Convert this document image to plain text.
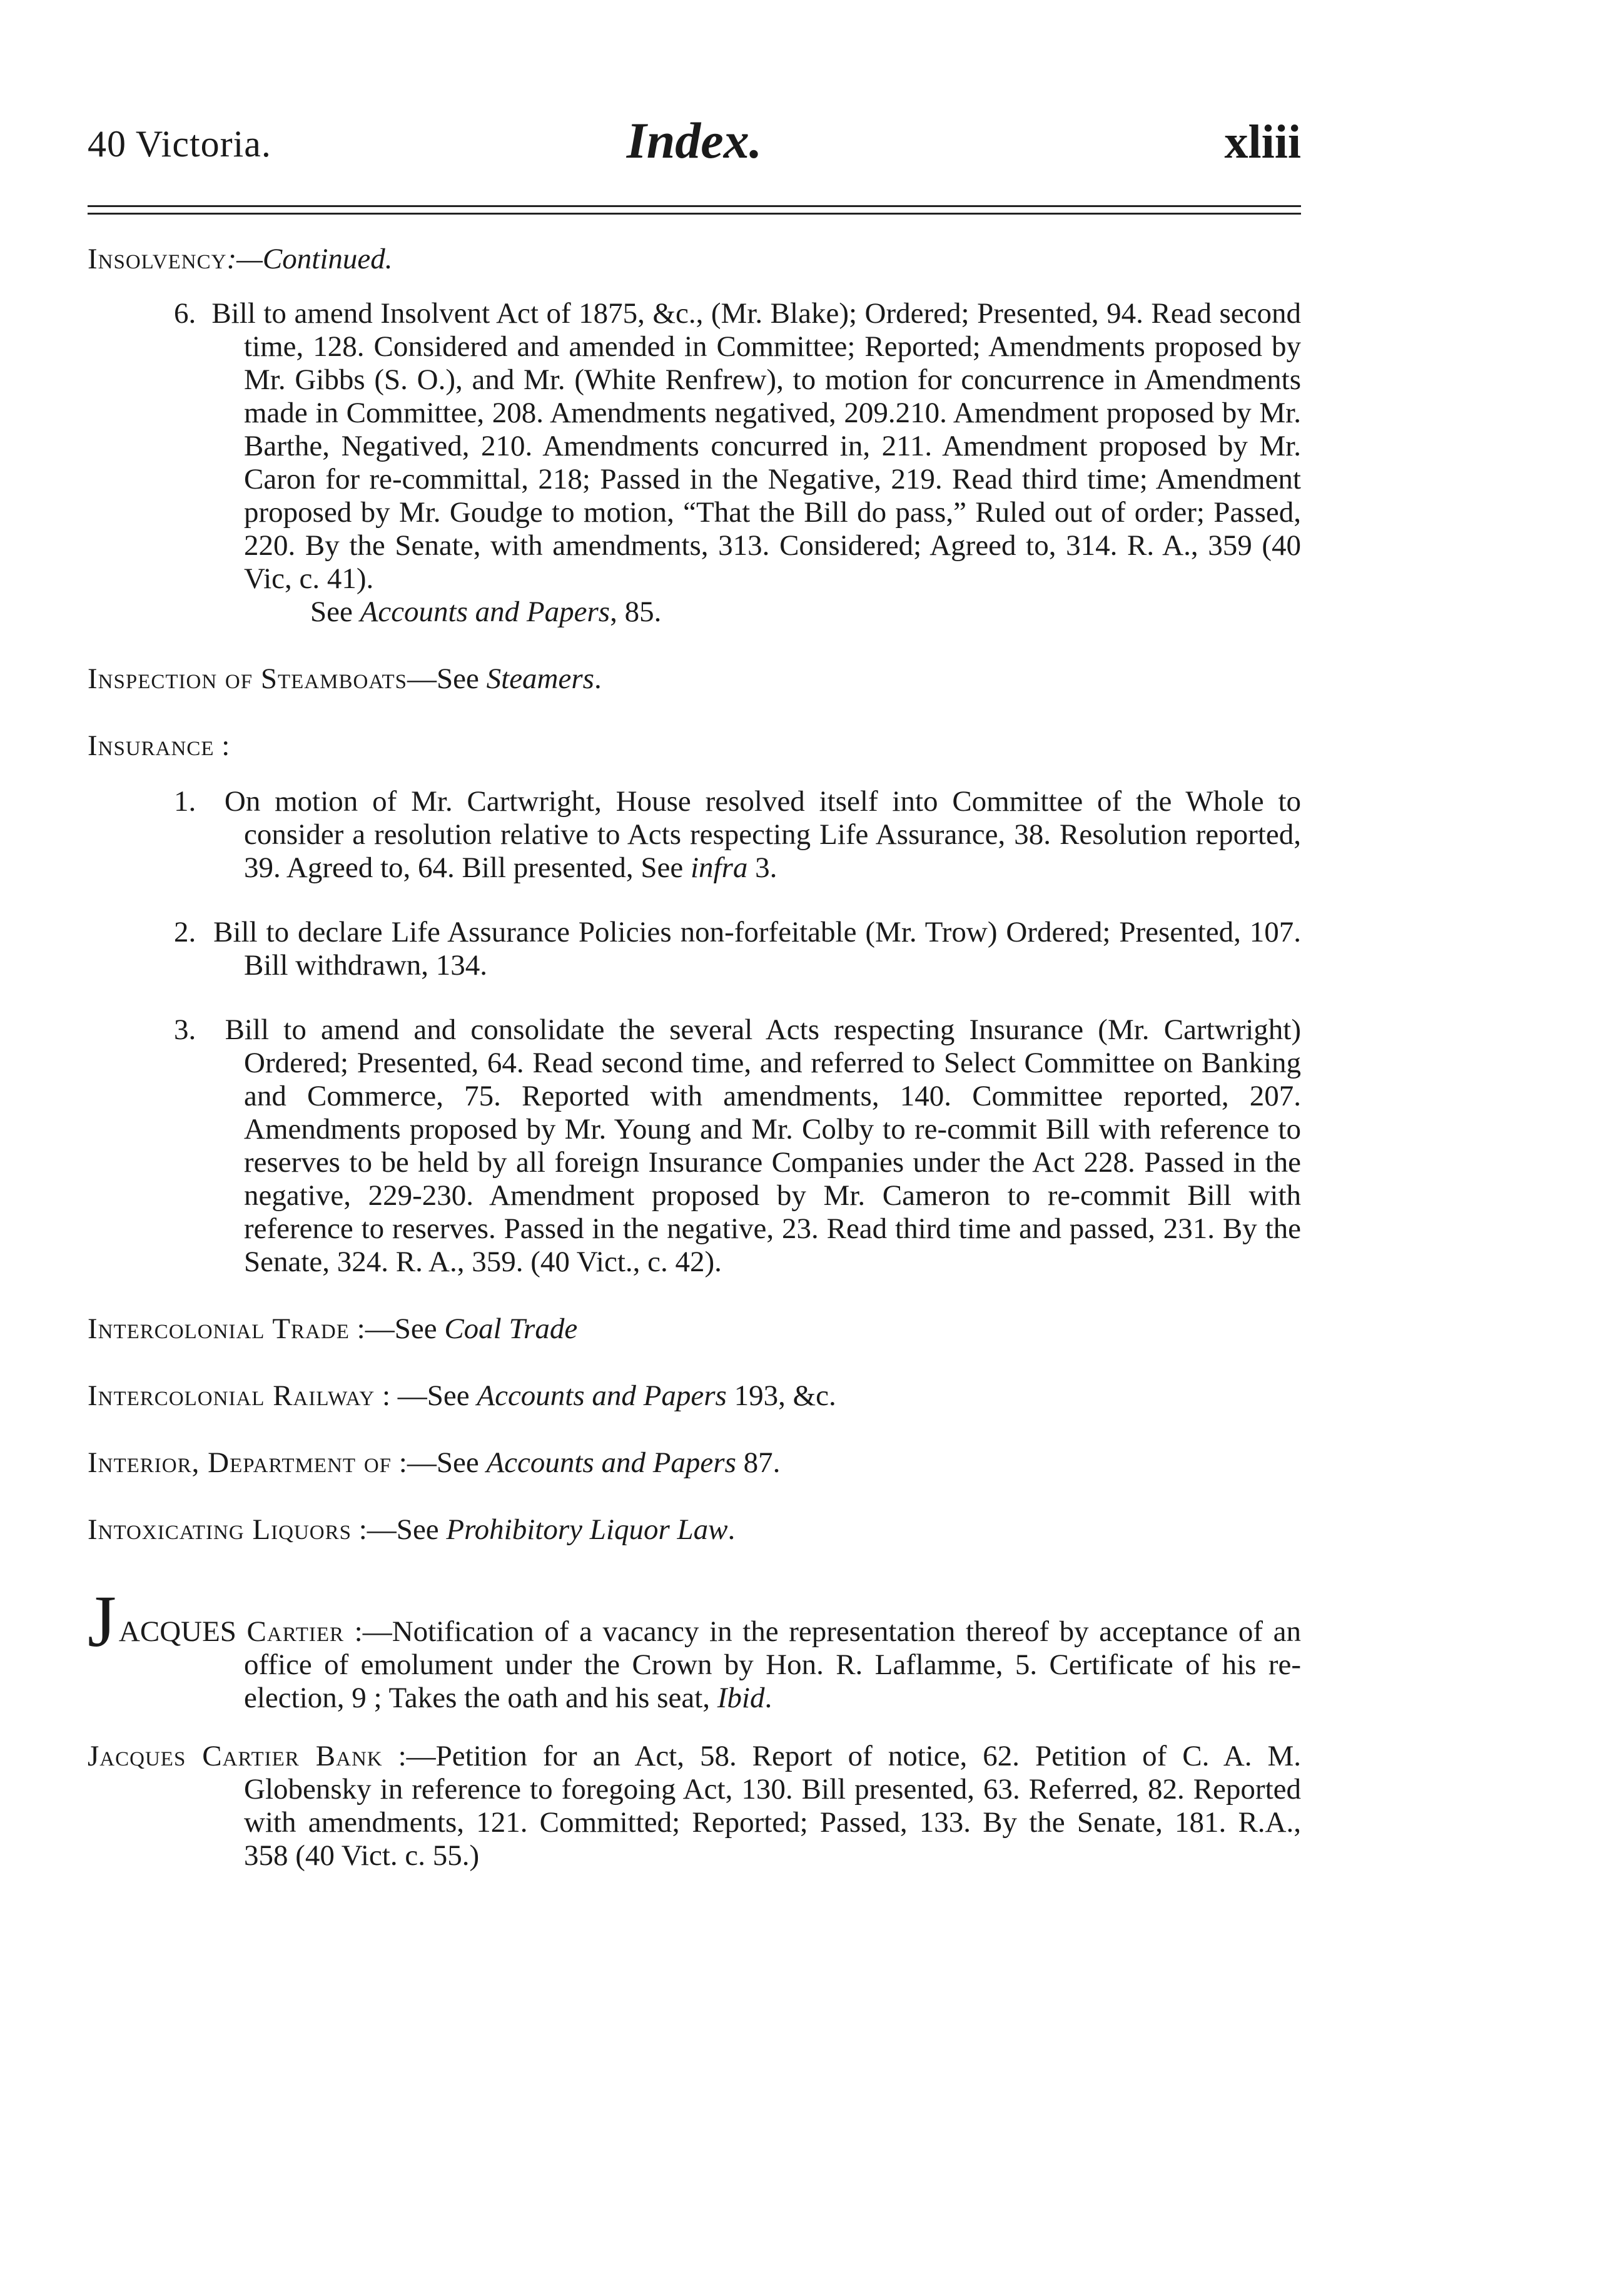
40 Victoria.	Index.	xliii

Insolvency:—Continued.

6. Bill to amend Insolvent Act of 1875, &c., (Mr. Blake); Ordered; Presented, 94. Read second time, 128. Considered and amended in Committee; Reported; Amendments proposed by Mr. Gibbs (S. O.), and Mr. (White Renfrew), to motion for concurrence in Amendments made in Committee, 208. Amendments negatived, 209.210. Amendment proposed by Mr. Barthe, Negatived, 210. Amendments concurred in, 211. Amendment proposed by Mr. Caron for re-committal, 218; Passed in the Negative, 219. Read third time; Amendment proposed by Mr. Goudge to motion, “That the Bill do pass,” Ruled out of order; Passed, 220. By the Senate, with amendments, 313. Considered; Agreed to, 314. R. A., 359 (40 Vic, c. 41).

See Accounts and Papers, 85.

Inspection of Steamboats—See Steamers.

Insurance :

1. On motion of Mr. Cartwright, House resolved itself into Committee of the Whole to consider a resolution relative to Acts respecting Life Assurance, 38. Resolution reported, 39. Agreed to, 64. Bill presented, See infra 3.
2. Bill to declare Life Assurance Policies non-forfeitable (Mr. Trow) Ordered; Presented, 107. Bill withdrawn, 134.
3. Bill to amend and consolidate the several Acts respecting Insurance (Mr. Cartwright) Ordered; Presented, 64. Read second time, and referred to Select Committee on Banking and Commerce, 75. Reported with amendments, 140. Committee reported, 207. Amendments proposed by Mr. Young and Mr. Colby to re-commit Bill with reference to reserves to be held by all foreign Insurance Companies under the Act 228. Passed in the negative, 229-230. Amendment proposed by Mr. Cameron to re-commit Bill with reference to reserves. Passed in the negative, 23. Read third time and passed, 231. By the Senate, 324. R. A., 359. (40 Vict., c. 42).

Intercolonial Trade :—See Coal Trade

Intercolonial Railway : —See Accounts and Papers 193, &c.

Interior, Department of :—See Accounts and Papers 87.

Intoxicating Liquors :—See Prohibitory Liquor Law.

JACQUES Cartier :—Notification of a vacancy in the representation thereof by acceptance of an office of emolument under the Crown by Hon. R. Laflamme, 5. Certificate of his re-election, 9 ; Takes the oath and his seat, Ibid.
Jacques Cartier Bank :—Petition for an Act, 58. Report of notice, 62. Petition of C. A. M. Globensky in reference to foregoing Act, 130. Bill presented, 63. Referred, 82. Reported with amendments, 121. Committed; Reported; Passed, 133. By the Senate, 181. R.A., 358 (40 Vict. c. 55.)
